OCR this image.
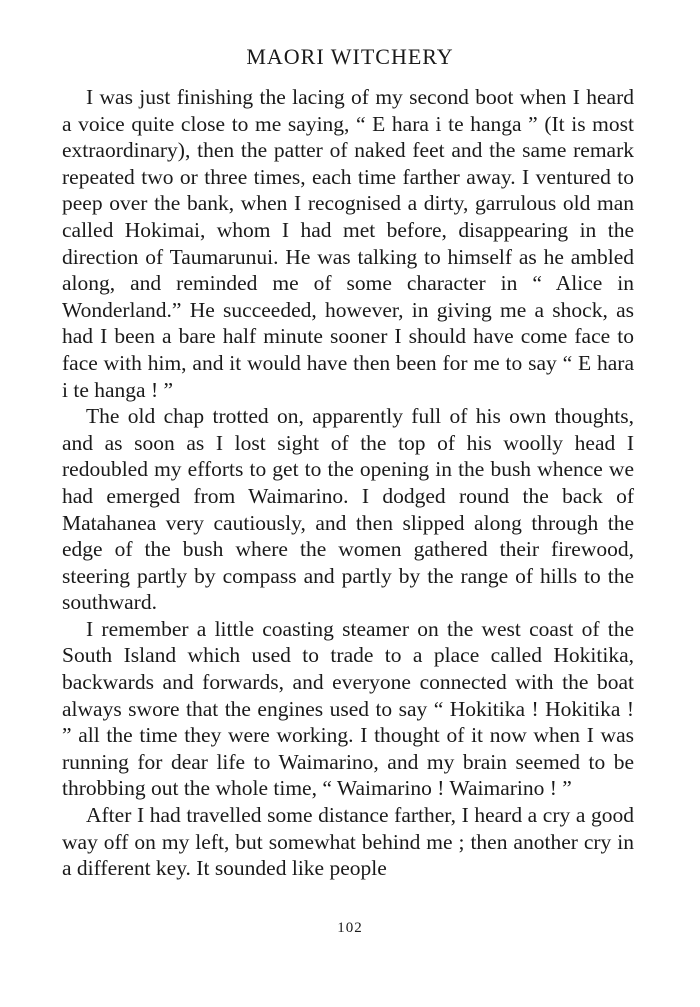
MAORI WITCHERY

I was just finishing the lacing of my second boot when I heard a voice quite close to me saying, “ E hara i te hanga ” (It is most extraordinary), then the patter of naked feet and the same remark repeated two or three times, each time farther away. I ventured to peep over the bank, when I recognised a dirty, garrulous old man called Hokimai, whom I had met before, disappearing in the direction of Taumarunui. He was talking to himself as he ambled along, and reminded me of some character in “ Alice in Wonderland.” He succeeded, however, in giving me a shock, as had I been a bare half minute sooner I should have come face to face with him, and it would have then been for me to say “ E hara i te hanga ! ”

The old chap trotted on, apparently full of his own thoughts, and as soon as I lost sight of the top of his woolly head I redoubled my efforts to get to the opening in the bush whence we had emerged from Waimarino. I dodged round the back of Matahanea very cautiously, and then slipped along through the edge of the bush where the women gathered their firewood, steering partly by compass and partly by the range of hills to the southward.

I remember a little coasting steamer on the west coast of the South Island which used to trade to a place called Hokitika, backwards and forwards, and everyone connected with the boat always swore that the engines used to say “ Hokitika ! Hokitika ! ” all the time they were working. I thought of it now when I was running for dear life to Waimarino, and my brain seemed to be throbbing out the whole time, “ Waimarino ! Waimarino ! ”

After I had travelled some distance farther, I heard a cry a good way off on my left, but somewhat behind me ; then another cry in a different key. It sounded like people

102
